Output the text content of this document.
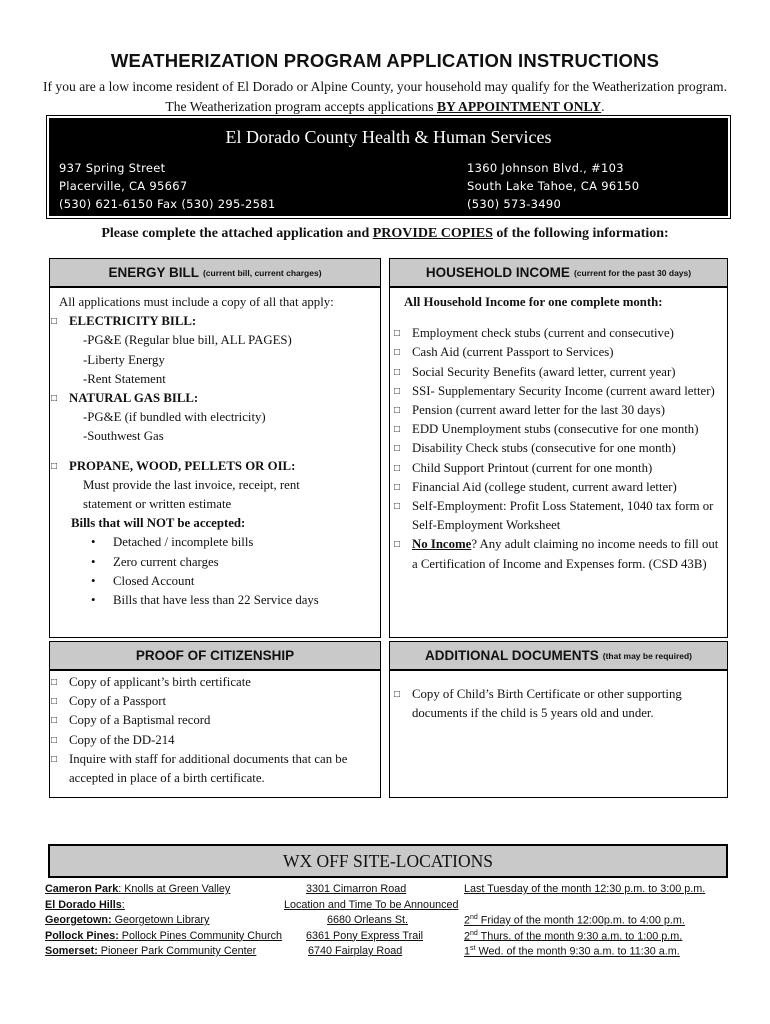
WEATHERIZATION PROGRAM APPLICATION INSTRUCTIONS
If you are a low income resident of El Dorado or Alpine County, your household may qualify for the Weatherization program. The Weatherization program accepts applications BY APPOINTMENT ONLY.
El Dorado County Health & Human Services
937 Spring Street
Placerville, CA 95667
(530) 621-6150 Fax (530) 295-2581
1360 Johnson Blvd., #103
South Lake Tahoe, CA 96150
(530) 573-3490
Please complete the attached application and PROVIDE COPIES of the following information:
ENERGY BILL (current bill, current charges)
All applications must include a copy of all that apply:
□ ELECTRICITY BILL:
-PG&E (Regular blue bill, ALL PAGES)
-Liberty Energy
-Rent Statement
□ NATURAL GAS BILL:
-PG&E (if bundled with electricity)
-Southwest Gas
□ PROPANE, WOOD, PELLETS OR OIL:
Must provide the last invoice, receipt, rent statement or written estimate
Bills that will NOT be accepted:
• Detached / incomplete bills
• Zero current charges
• Closed Account
• Bills that have less than 22 Service days
HOUSEHOLD INCOME (current for the past 30 days)
All Household Income for one complete month:
□ Employment check stubs (current and consecutive)
□ Cash Aid (current Passport to Services)
□ Social Security Benefits (award letter, current year)
□ SSI- Supplementary Security Income (current award letter)
□ Pension (current award letter for the last 30 days)
□ EDD Unemployment stubs (consecutive for one month)
□ Disability Check stubs (consecutive for one month)
□ Child Support Printout (current for one month)
□ Financial Aid (college student, current award letter)
□ Self-Employment: Profit Loss Statement, 1040 tax form or Self-Employment Worksheet
□ No Income? Any adult claiming no income needs to fill out a Certification of Income and Expenses form. (CSD 43B)
PROOF OF CITIZENSHIP
□ Copy of applicant’s birth certificate
□ Copy of a Passport
□ Copy of a Baptismal record
□ Copy of the DD-214
□ Inquire with staff for additional documents that can be accepted in place of a birth certificate.
ADDITIONAL DOCUMENTS (that may be required)
□ Copy of Child’s Birth Certificate or other supporting documents if the child is 5 years old and under.
WX OFF SITE-LOCATIONS
Cameron Park: Knolls at Green Valley	3301 Cimarron Road	Last Tuesday of the month 12:30 p.m. to 3:00 p.m.
El Dorado Hills:	Location and Time To be Announced
Georgetown: Georgetown Library	6680 Orleans St.	2nd Friday of the month 12:00p.m. to 4:00 p.m.
Pollock Pines: Pollock Pines Community Church 6361 Pony Express Trail	2nd Thurs. of the month 9:30 a.m. to 1:00 p.m.
Somerset: Pioneer Park Community Center	6740 Fairplay Road	1st Wed. of the month 9:30 a.m. to 11:30 a.m.
